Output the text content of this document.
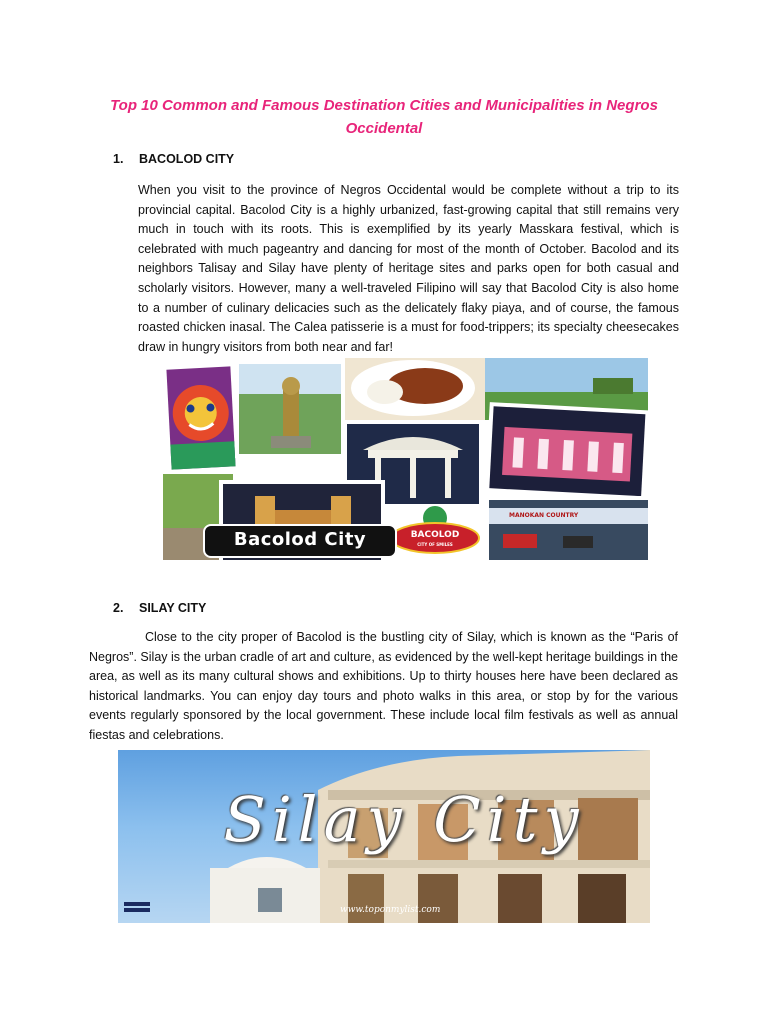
Top 10 Common and Famous Destination Cities and Municipalities in Negros Occidental
1. BACOLOD CITY

When you visit to the province of Negros Occidental would be complete without a trip to its provincial capital. Bacolod City is a highly urbanized, fast-growing capital that still remains very much in touch with its roots. This is exemplified by its yearly Masskara festival, which is celebrated with much pageantry and dancing for most of the month of October. Bacolod and its neighbors Talisay and Silay have plenty of heritage sites and parks open for both casual and scholarly visitors. However, many a well-traveled Filipino will say that Bacolod City is also home to a number of culinary delicacies such as the delicately flaky piaya, and of course, the famous roasted chicken inasal. The Calea patisserie is a must for food-trippers; its specialty cheesecakes draw in hungry visitors from both near and far!

Bacolod City	BACOLOD
CITY OF SMILES
MANOKAN COUNTRY
2. SILAY CITY

Close to the city proper of Bacolod is the bustling city of Silay, which is known as the “Paris of Negros”. Silay is the urban cradle of art and culture, as evidenced by the well-kept heritage buildings in the area, as well as its many cultural shows and exhibitions. Up to thirty houses here have been declared as historical landmarks. You can enjoy day tours and photo walks in this area, or stop by for the various events regularly sponsored by the local government. These include local film festivals as well as annual fiestas and celebrations.

Silay City
www.toponmylist.com
